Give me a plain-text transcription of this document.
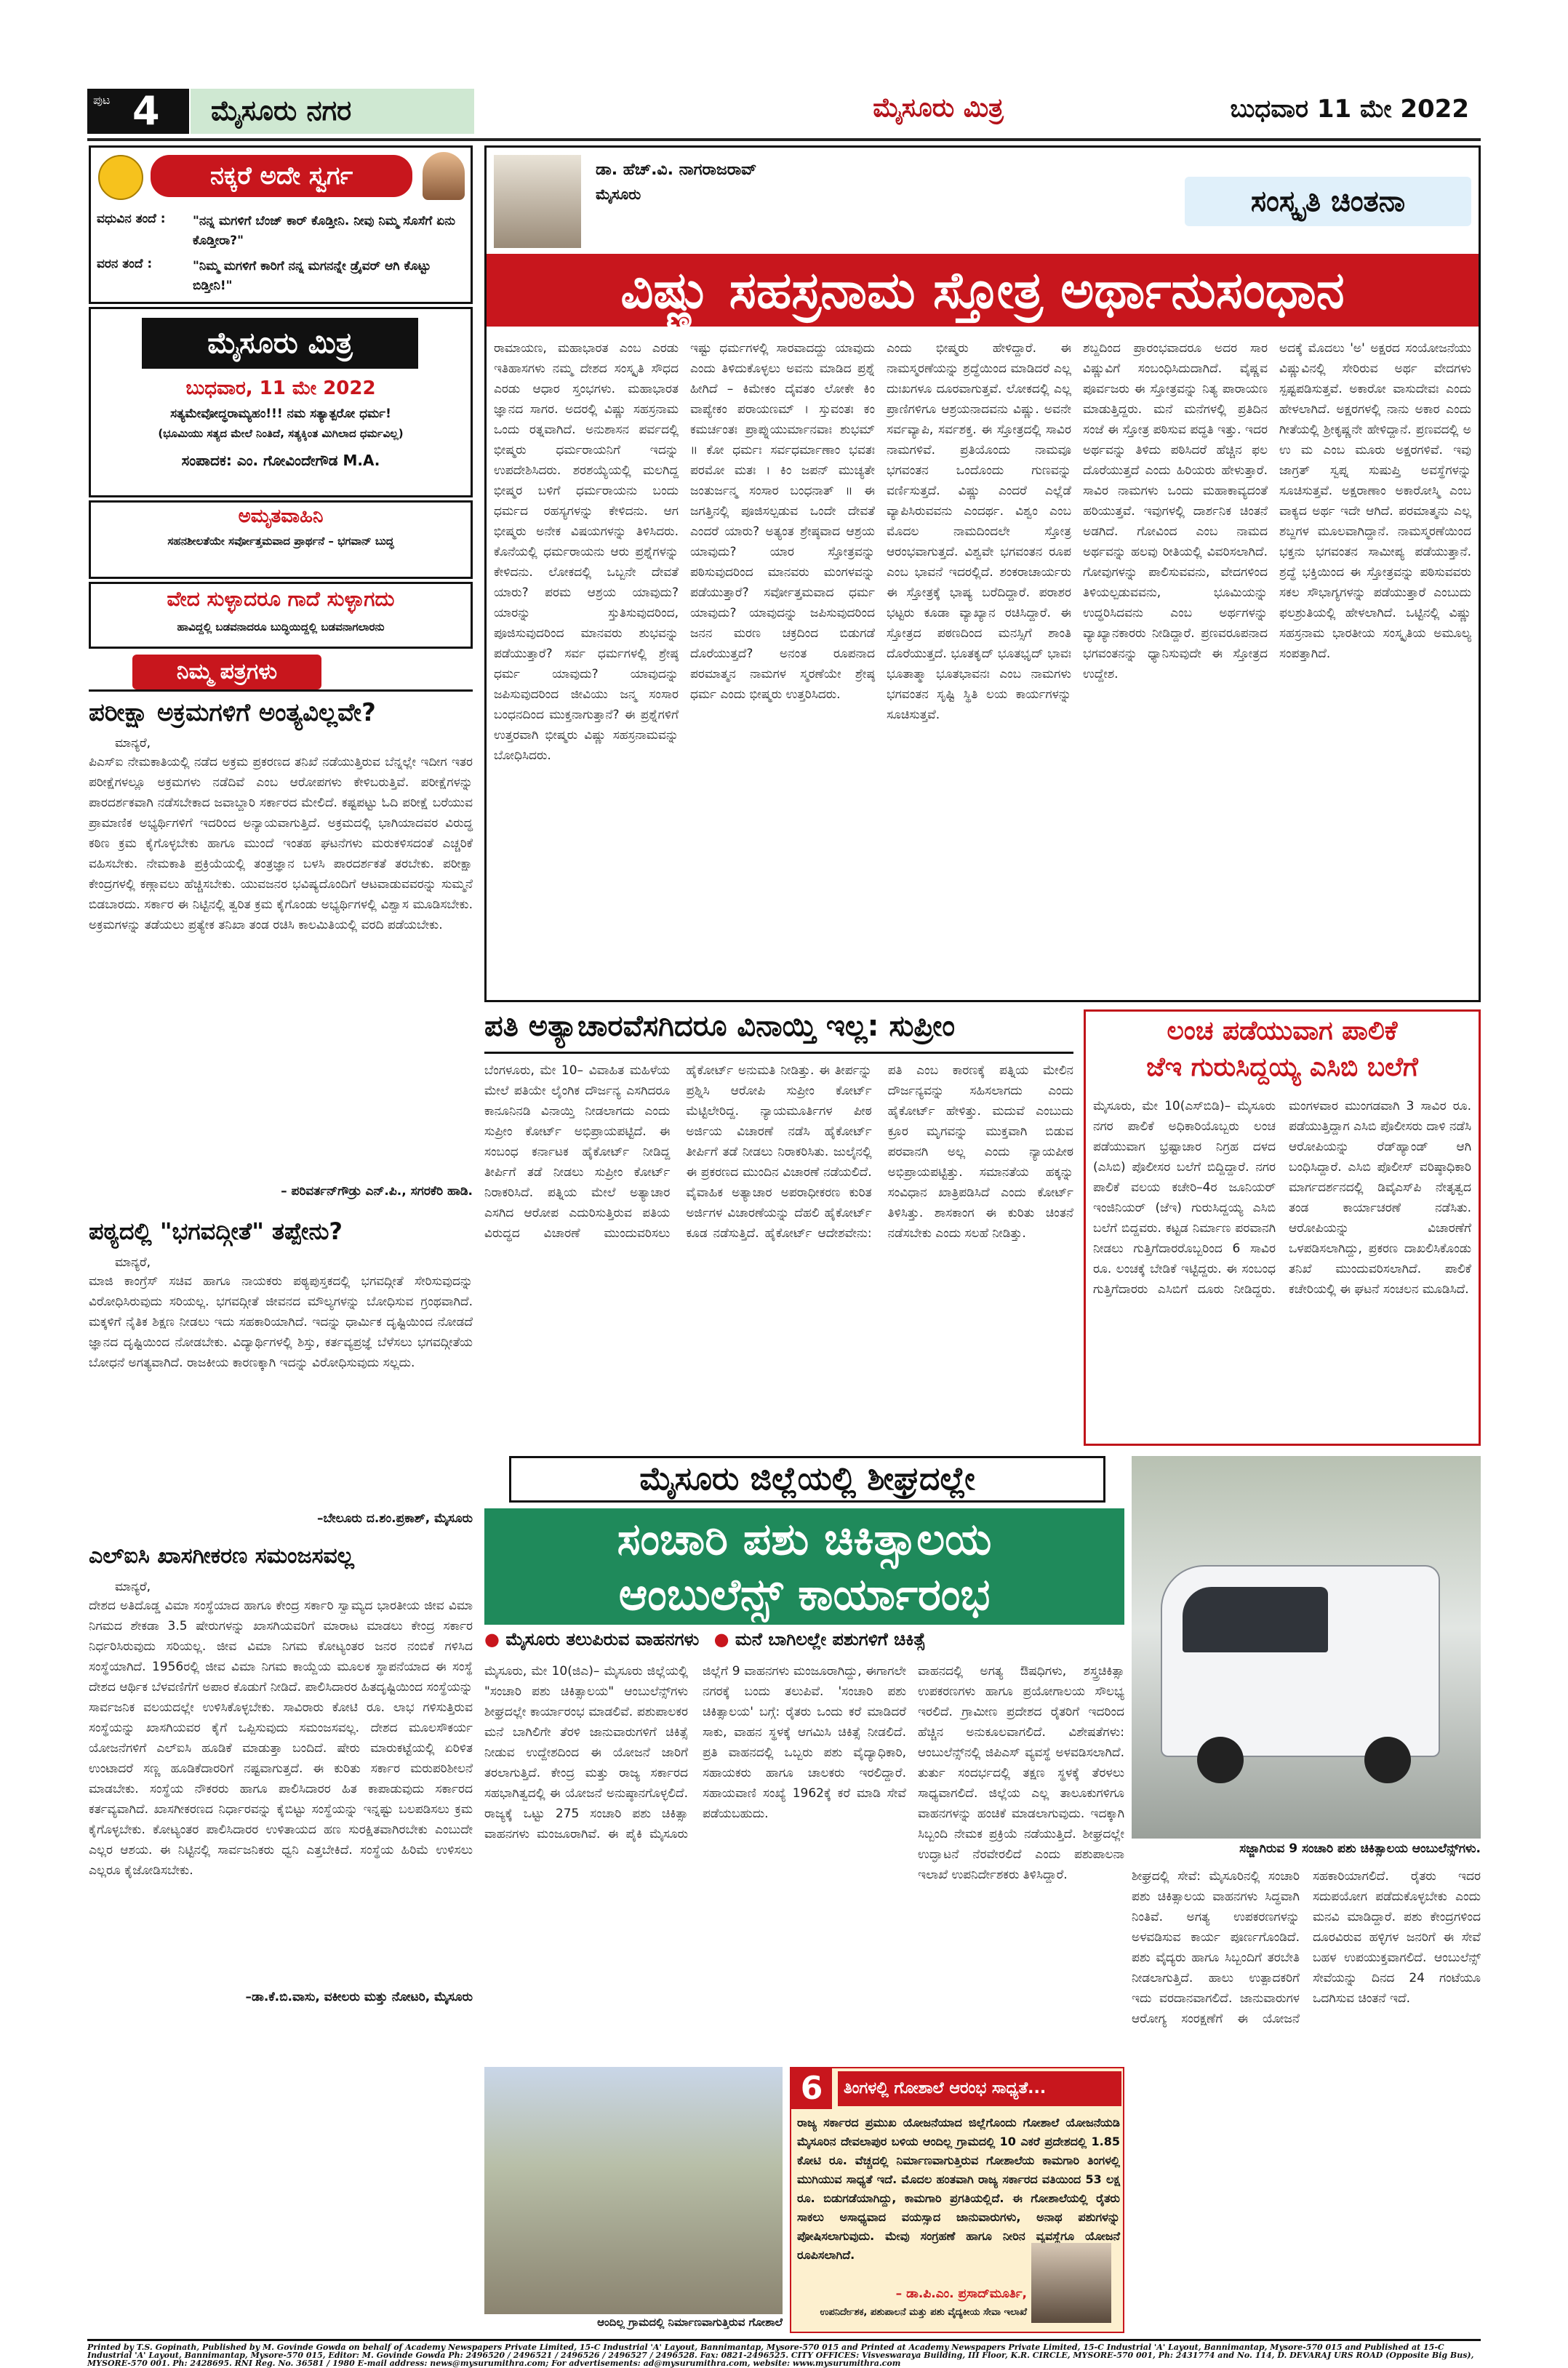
ಪುಟ 4 ಮೈಸೂರು ನಗರ	ಮೈಸೂರು ಮಿತ್ರ	ಬುಧವಾರ 11 ಮೇ 2022
ನಕ್ಕರೆ ಅದೇ ಸ್ವರ್ಗ
ವಧುವಿನ ತಂದೆ :	"ನನ್ನ ಮಗಳಿಗೆ ಬೆಂಜ್ ಕಾರ್ ಕೊಡ್ತೀನಿ. ನೀವು ನಿಮ್ಮ ಸೊಸೆಗೆ ಏನು ಕೊಡ್ತೀರಾ?"
ವರನ ತಂದೆ :	"ನಿಮ್ಮ ಮಗಳಿಗೆ ಕಾರಿಗೆ ನನ್ನ ಮಗನನ್ನೇ ಡ್ರೈವರ್ ಆಗಿ ಕೊಟ್ಟು ಬಿಡ್ತೀನಿ!"
ಮೈಸೂರು ಮಿತ್ರ
ಬುಧವಾರ, 11 ಮೇ 2022
ಸತ್ಯಮೇವೋದ್ಧರಾಮ್ಯಹಂ!!! ನಮ ಸತ್ಯಾತ್ಪರೋ ಧರ್ಮ!
(ಭೂಮಿಯು ಸತ್ಯದ ಮೇಲೆ ನಿಂತಿದೆ, ಸತ್ಯಕ್ಕಿಂತ ಮಿಗಿಲಾದ ಧರ್ಮವಿಲ್ಲ)
ಸಂಪಾದಕ: ಎಂ. ಗೋವಿಂದೇಗೌಡ M.A.
ಅಮೃತವಾಹಿನಿ
ಸಹನಶೀಲತೆಯೇ ಸರ್ವೋತ್ತಮವಾದ ಪ್ರಾರ್ಥನೆ – ಭಗವಾನ್ ಬುದ್ಧ
ವೇದ ಸುಳ್ಳಾದರೂ ಗಾದೆ ಸುಳ್ಳಾಗದು
ಹಾವಿದ್ದಲ್ಲಿ ಬಡವನಾದರೂ ಬುದ್ಧಿಯಿದ್ದಲ್ಲಿ ಬಡವನಾಗಲಾರನು
ನಿಮ್ಮ ಪತ್ರಗಳು
ಪರೀಕ್ಷಾ ಅಕ್ರಮಗಳಿಗೆ ಅಂತ್ಯವಿಲ್ಲವೇ?
ಮಾನ್ಯರೆ,
ಪಿಎಸ್‌ಐ ನೇಮಕಾತಿಯಲ್ಲಿ ನಡೆದ ಅಕ್ರಮ ಪ್ರಕರಣದ ತನಿಖೆ ನಡೆಯುತ್ತಿರುವ ಬೆನ್ನಲ್ಲೇ ಇದೀಗ ಇತರ ಪರೀಕ್ಷೆಗಳಲ್ಲೂ ಅಕ್ರಮಗಳು ನಡೆದಿವೆ ಎಂಬ ಆರೋಪಗಳು ಕೇಳಿಬರುತ್ತಿವೆ. ಪರೀಕ್ಷೆಗಳನ್ನು ಪಾರದರ್ಶಕವಾಗಿ ನಡೆಸಬೇಕಾದ ಜವಾಬ್ದಾರಿ ಸರ್ಕಾರದ ಮೇಲಿದೆ. ಕಷ್ಟಪಟ್ಟು ಓದಿ ಪರೀಕ್ಷೆ ಬರೆಯುವ ಪ್ರಾಮಾಣಿಕ ಅಭ್ಯರ್ಥಿಗಳಿಗೆ ಇದರಿಂದ ಅನ್ಯಾಯವಾಗುತ್ತಿದೆ. ಅಕ್ರಮದಲ್ಲಿ ಭಾಗಿಯಾದವರ ವಿರುದ್ಧ ಕಠಿಣ ಕ್ರಮ ಕೈಗೊಳ್ಳಬೇಕು ಹಾಗೂ ಮುಂದೆ ಇಂತಹ ಘಟನೆಗಳು ಮರುಕಳಿಸದಂತೆ ಎಚ್ಚರಿಕೆ ವಹಿಸಬೇಕು. ನೇಮಕಾತಿ ಪ್ರಕ್ರಿಯೆಯಲ್ಲಿ ತಂತ್ರಜ್ಞಾನ ಬಳಸಿ ಪಾರದರ್ಶಕತೆ ತರಬೇಕು. ಪರೀಕ್ಷಾ ಕೇಂದ್ರಗಳಲ್ಲಿ ಕಣ್ಗಾವಲು ಹೆಚ್ಚಿಸಬೇಕು. ಯುವಜನರ ಭವಿಷ್ಯದೊಂದಿಗೆ ಆಟವಾಡುವವರನ್ನು ಸುಮ್ಮನೆ ಬಿಡಬಾರದು. ಸರ್ಕಾರ ಈ ನಿಟ್ಟಿನಲ್ಲಿ ತ್ವರಿತ ಕ್ರಮ ಕೈಗೊಂಡು ಅಭ್ಯರ್ಥಿಗಳಲ್ಲಿ ವಿಶ್ವಾಸ ಮೂಡಿಸಬೇಕು. ಅಕ್ರಮಗಳನ್ನು ತಡೆಯಲು ಪ್ರತ್ಯೇಕ ತನಿಖಾ ತಂಡ ರಚಿಸಿ ಕಾಲಮಿತಿಯಲ್ಲಿ ವರದಿ ಪಡೆಯಬೇಕು.
– ಪರಿವರ್ತನ್‌ಗೌಡ್ರು ಎನ್.ಪಿ., ಸಗರಕೆರಿ ಹಾಡಿ.
ಪಠ್ಯದಲ್ಲಿ "ಭಗವದ್ಗೀತೆ" ತಪ್ಪೇನು?
ಮಾನ್ಯರೆ,
ಮಾಜಿ ಕಾಂಗ್ರೆಸ್ ಸಚಿವ ಹಾಗೂ ನಾಯಕರು ಪಠ್ಯಪುಸ್ತಕದಲ್ಲಿ ಭಗವದ್ಗೀತೆ ಸೇರಿಸುವುದನ್ನು ವಿರೋಧಿಸಿರುವುದು ಸರಿಯಲ್ಲ. ಭಗವದ್ಗೀತೆ ಜೀವನದ ಮೌಲ್ಯಗಳನ್ನು ಬೋಧಿಸುವ ಗ್ರಂಥವಾಗಿದೆ. ಮಕ್ಕಳಿಗೆ ನೈತಿಕ ಶಿಕ್ಷಣ ನೀಡಲು ಇದು ಸಹಕಾರಿಯಾಗಿದೆ. ಇದನ್ನು ಧಾರ್ಮಿಕ ದೃಷ್ಟಿಯಿಂದ ನೋಡದೆ ಜ್ಞಾನದ ದೃಷ್ಟಿಯಿಂದ ನೋಡಬೇಕು. ವಿದ್ಯಾರ್ಥಿಗಳಲ್ಲಿ ಶಿಸ್ತು, ಕರ್ತವ್ಯಪ್ರಜ್ಞೆ ಬೆಳೆಸಲು ಭಗವದ್ಗೀತೆಯ ಬೋಧನೆ ಅಗತ್ಯವಾಗಿದೆ. ರಾಜಕೀಯ ಕಾರಣಕ್ಕಾಗಿ ಇದನ್ನು ವಿರೋಧಿಸುವುದು ಸಲ್ಲದು.
–ಬೇಲೂರು ದ.ಶಂ.ಪ್ರಕಾಶ್, ಮೈಸೂರು
ಎಲ್‌ಐಸಿ ಖಾಸಗೀಕರಣ ಸಮಂಜಸವಲ್ಲ
ಮಾನ್ಯರೆ,
ದೇಶದ ಅತಿದೊಡ್ಡ ವಿಮಾ ಸಂಸ್ಥೆಯಾದ ಹಾಗೂ ಕೇಂದ್ರ ಸರ್ಕಾರಿ ಸ್ವಾಮ್ಯದ ಭಾರತೀಯ ಜೀವ ವಿಮಾ ನಿಗಮದ ಶೇಕಡಾ 3.5 ಷೇರುಗಳನ್ನು ಖಾಸಗಿಯವರಿಗೆ ಮಾರಾಟ ಮಾಡಲು ಕೇಂದ್ರ ಸರ್ಕಾರ ನಿರ್ಧರಿಸಿರುವುದು ಸರಿಯಲ್ಲ. ಜೀವ ವಿಮಾ ನಿಗಮ ಕೋಟ್ಯಂತರ ಜನರ ನಂಬಿಕೆ ಗಳಿಸಿದ ಸಂಸ್ಥೆಯಾಗಿದೆ. 1956ರಲ್ಲಿ ಜೀವ ವಿಮಾ ನಿಗಮ ಕಾಯ್ದೆಯ ಮೂಲಕ ಸ್ಥಾಪನೆಯಾದ ಈ ಸಂಸ್ಥೆ ದೇಶದ ಆರ್ಥಿಕ ಬೆಳವಣಿಗೆಗೆ ಅಪಾರ ಕೊಡುಗೆ ನೀಡಿದೆ. ಪಾಲಿಸಿದಾರರ ಹಿತದೃಷ್ಟಿಯಿಂದ ಸಂಸ್ಥೆಯನ್ನು ಸಾರ್ವಜನಿಕ ವಲಯದಲ್ಲೇ ಉಳಿಸಿಕೊಳ್ಳಬೇಕು. ಸಾವಿರಾರು ಕೋಟಿ ರೂ. ಲಾಭ ಗಳಿಸುತ್ತಿರುವ ಸಂಸ್ಥೆಯನ್ನು ಖಾಸಗಿಯವರ ಕೈಗೆ ಒಪ್ಪಿಸುವುದು ಸಮಂಜಸವಲ್ಲ. ದೇಶದ ಮೂಲಸೌಕರ್ಯ ಯೋಜನೆಗಳಿಗೆ ಎಲ್‌ಐಸಿ ಹೂಡಿಕೆ ಮಾಡುತ್ತಾ ಬಂದಿದೆ. ಷೇರು ಮಾರುಕಟ್ಟೆಯಲ್ಲಿ ಏರಿಳಿತ ಉಂಟಾದರೆ ಸಣ್ಣ ಹೂಡಿಕೆದಾರರಿಗೆ ನಷ್ಟವಾಗುತ್ತದೆ. ಈ ಕುರಿತು ಸರ್ಕಾರ ಮರುಪರಿಶೀಲನೆ ಮಾಡಬೇಕು. ಸಂಸ್ಥೆಯ ನೌಕರರು ಹಾಗೂ ಪಾಲಿಸಿದಾರರ ಹಿತ ಕಾಪಾಡುವುದು ಸರ್ಕಾರದ ಕರ್ತವ್ಯವಾಗಿದೆ. ಖಾಸಗೀಕರಣದ ನಿರ್ಧಾರವನ್ನು ಕೈಬಿಟ್ಟು ಸಂಸ್ಥೆಯನ್ನು ಇನ್ನಷ್ಟು ಬಲಪಡಿಸಲು ಕ್ರಮ ಕೈಗೊಳ್ಳಬೇಕು. ಕೋಟ್ಯಂತರ ಪಾಲಿಸಿದಾರರ ಉಳಿತಾಯದ ಹಣ ಸುರಕ್ಷಿತವಾಗಿರಬೇಕು ಎಂಬುದೇ ಎಲ್ಲರ ಆಶಯ. ಈ ನಿಟ್ಟಿನಲ್ಲಿ ಸಾರ್ವಜನಿಕರು ಧ್ವನಿ ಎತ್ತಬೇಕಿದೆ. ಸಂಸ್ಥೆಯ ಹಿರಿಮೆ ಉಳಿಸಲು ಎಲ್ಲರೂ ಕೈಜೋಡಿಸಬೇಕು.
–ಡಾ.ಕೆ.ಬಿ.ವಾಸು, ವಕೀಲರು ಮತ್ತು ನೋಟರಿ, ಮೈಸೂರು
ಡಾ. ಹೆಚ್.ವಿ. ನಾಗರಾಜರಾವ್
ಮೈಸೂರು	ಸಂಸ್ಕೃತಿ ಚಿಂತನಾ
ವಿಷ್ಣು ಸಹಸ್ರನಾಮ ಸ್ತೋತ್ರ ಅರ್ಥಾನುಸಂಧಾನ
ರಾಮಾಯಣ, ಮಹಾಭಾರತ ಎಂಬ ಎರಡು ಇತಿಹಾಸಗಳು ನಮ್ಮ ದೇಶದ ಸಂಸ್ಕೃತಿ ಸೌಧದ ಎರಡು ಆಧಾರ ಸ್ತಂಭಗಳು. ಮಹಾಭಾರತ ಜ್ಞಾನದ ಸಾಗರ. ಅದರಲ್ಲಿ ವಿಷ್ಣು ಸಹಸ್ರನಾಮ ಒಂದು ರತ್ನವಾಗಿದೆ. ಅನುಶಾಸನ ಪರ್ವದಲ್ಲಿ ಭೀಷ್ಮರು ಧರ್ಮರಾಯನಿಗೆ ಇದನ್ನು ಉಪದೇಶಿಸಿದರು. ಶರಶಯ್ಯೆಯಲ್ಲಿ ಮಲಗಿದ್ದ ಭೀಷ್ಮರ ಬಳಿಗೆ ಧರ್ಮರಾಯನು ಬಂದು ಧರ್ಮದ ರಹಸ್ಯಗಳನ್ನು ಕೇಳಿದನು. ಆಗ ಭೀಷ್ಮರು ಅನೇಕ ವಿಷಯಗಳನ್ನು ತಿಳಿಸಿದರು. ಕೊನೆಯಲ್ಲಿ ಧರ್ಮರಾಯನು ಆರು ಪ್ರಶ್ನೆಗಳನ್ನು ಕೇಳಿದನು. ಲೋಕದಲ್ಲಿ ಒಬ್ಬನೇ ದೇವತೆ ಯಾರು? ಪರಮ ಆಶ್ರಯ ಯಾವುದು? ಯಾರನ್ನು ಸ್ತುತಿಸುವುದರಿಂದ, ಪೂಜಿಸುವುದರಿಂದ ಮಾನವರು ಶುಭವನ್ನು ಪಡೆಯುತ್ತಾರೆ? ಸರ್ವ ಧರ್ಮಗಳಲ್ಲಿ ಶ್ರೇಷ್ಠ ಧರ್ಮ ಯಾವುದು? ಯಾವುದನ್ನು ಜಪಿಸುವುದರಿಂದ ಜೀವಿಯು ಜನ್ಮ ಸಂಸಾರ ಬಂಧನದಿಂದ ಮುಕ್ತನಾಗುತ್ತಾನೆ? ಈ ಪ್ರಶ್ನೆಗಳಿಗೆ ಉತ್ತರವಾಗಿ ಭೀಷ್ಮರು ವಿಷ್ಣು ಸಹಸ್ರನಾಮವನ್ನು ಬೋಧಿಸಿದರು.
ಇಷ್ಟು ಧರ್ಮಗಳಲ್ಲಿ ಸಾರವಾದದ್ದು ಯಾವುದು ಎಂದು ತಿಳಿದುಕೊಳ್ಳಲು ಅವನು ಮಾಡಿದ ಪ್ರಶ್ನೆ ಹೀಗಿದೆ – ಕಿಮೇಕಂ ದೈವತಂ ಲೋಕೇ ಕಿಂ ವಾಪ್ಯೇಕಂ ಪರಾಯಣಮ್ । ಸ್ತುವಂತಃ ಕಂ ಕಮರ್ಚಂತಃ ಪ್ರಾಪ್ನುಯುರ್ಮಾನವಾಃ ಶುಭಮ್ ॥ ಕೋ ಧರ್ಮಃ ಸರ್ವಧರ್ಮಾಣಾಂ ಭವತಃ ಪರಮೋ ಮತಃ । ಕಿಂ ಜಪನ್ ಮುಚ್ಯತೇ ಜಂತುರ್ಜನ್ಮ ಸಂಸಾರ ಬಂಧನಾತ್ ॥ ಈ ಜಗತ್ತಿನಲ್ಲಿ ಪೂಜಿಸಲ್ಪಡುವ ಒಂದೇ ದೇವತೆ ಎಂದರೆ ಯಾರು? ಅತ್ಯಂತ ಶ್ರೇಷ್ಠವಾದ ಆಶ್ರಯ ಯಾವುದು? ಯಾರ ಸ್ತೋತ್ರವನ್ನು ಪಠಿಸುವುದರಿಂದ ಮಾನವರು ಮಂಗಳವನ್ನು ಪಡೆಯುತ್ತಾರೆ? ಸರ್ವೋತ್ತಮವಾದ ಧರ್ಮ ಯಾವುದು? ಯಾವುದನ್ನು ಜಪಿಸುವುದರಿಂದ ಜನನ ಮರಣ ಚಕ್ರದಿಂದ ಬಿಡುಗಡೆ ದೊರೆಯುತ್ತದೆ? ಅನಂತ ರೂಪನಾದ ಪರಮಾತ್ಮನ ನಾಮಗಳ ಸ್ಮರಣೆಯೇ ಶ್ರೇಷ್ಠ ಧರ್ಮ ಎಂದು ಭೀಷ್ಮರು ಉತ್ತರಿಸಿದರು.
ಎಂದು ಭೀಷ್ಮರು ಹೇಳಿದ್ದಾರೆ. ಈ ನಾಮಸ್ಮರಣೆಯನ್ನು ಶ್ರದ್ಧೆಯಿಂದ ಮಾಡಿದರೆ ಎಲ್ಲ ದುಃಖಗಳೂ ದೂರವಾಗುತ್ತವೆ. ಲೋಕದಲ್ಲಿ ಎಲ್ಲ ಪ್ರಾಣಿಗಳಿಗೂ ಆಶ್ರಯನಾದವನು ವಿಷ್ಣು. ಅವನೇ ಸರ್ವವ್ಯಾಪಿ, ಸರ್ವಶಕ್ತ. ಈ ಸ್ತೋತ್ರದಲ್ಲಿ ಸಾವಿರ ನಾಮಗಳಿವೆ. ಪ್ರತಿಯೊಂದು ನಾಮವೂ ಭಗವಂತನ ಒಂದೊಂದು ಗುಣವನ್ನು ವರ್ಣಿಸುತ್ತದೆ. ವಿಷ್ಣು ಎಂದರೆ ಎಲ್ಲೆಡೆ ವ್ಯಾಪಿಸಿರುವವನು ಎಂದರ್ಥ. ವಿಶ್ವಂ ಎಂಬ ಮೊದಲ ನಾಮದಿಂದಲೇ ಸ್ತೋತ್ರ ಆರಂಭವಾಗುತ್ತದೆ. ವಿಶ್ವವೇ ಭಗವಂತನ ರೂಪ ಎಂಬ ಭಾವನೆ ಇದರಲ್ಲಿದೆ. ಶಂಕರಾಚಾರ್ಯರು ಈ ಸ್ತೋತ್ರಕ್ಕೆ ಭಾಷ್ಯ ಬರೆದಿದ್ದಾರೆ. ಪರಾಶರ ಭಟ್ಟರು ಕೂಡಾ ವ್ಯಾಖ್ಯಾನ ರಚಿಸಿದ್ದಾರೆ. ಈ ಸ್ತೋತ್ರದ ಪಠಣದಿಂದ ಮನಸ್ಸಿಗೆ ಶಾಂತಿ ದೊರೆಯುತ್ತದೆ. ಭೂತಕೃದ್ ಭೂತಭೃದ್ ಭಾವಃ ಭೂತಾತ್ಮಾ ಭೂತಭಾವನಃ ಎಂಬ ನಾಮಗಳು ಭಗವಂತನ ಸೃಷ್ಟಿ ಸ್ಥಿತಿ ಲಯ ಕಾರ್ಯಗಳನ್ನು ಸೂಚಿಸುತ್ತವೆ.
ಶಬ್ದದಿಂದ ಪ್ರಾರಂಭವಾದರೂ ಅದರ ಸಾರ ವಿಷ್ಣುವಿಗೆ ಸಂಬಂಧಿಸಿದುದಾಗಿದೆ. ವೈಷ್ಣವ ಪೂರ್ವಜರು ಈ ಸ್ತೋತ್ರವನ್ನು ನಿತ್ಯ ಪಾರಾಯಣ ಮಾಡುತ್ತಿದ್ದರು. ಮನೆ ಮನೆಗಳಲ್ಲಿ ಪ್ರತಿದಿನ ಸಂಜೆ ಈ ಸ್ತೋತ್ರ ಪಠಿಸುವ ಪದ್ಧತಿ ಇತ್ತು. ಇದರ ಅರ್ಥವನ್ನು ತಿಳಿದು ಪಠಿಸಿದರೆ ಹೆಚ್ಚಿನ ಫಲ ದೊರೆಯುತ್ತದೆ ಎಂದು ಹಿರಿಯರು ಹೇಳುತ್ತಾರೆ. ಸಾವಿರ ನಾಮಗಳು ಒಂದು ಮಹಾಕಾವ್ಯದಂತೆ ಹರಿಯುತ್ತವೆ. ಇವುಗಳಲ್ಲಿ ದಾರ್ಶನಿಕ ಚಿಂತನೆ ಅಡಗಿದೆ. ಗೋವಿಂದ ಎಂಬ ನಾಮದ ಅರ್ಥವನ್ನು ಹಲವು ರೀತಿಯಲ್ಲಿ ವಿವರಿಸಲಾಗಿದೆ. ಗೋವುಗಳನ್ನು ಪಾಲಿಸುವವನು, ವೇದಗಳಿಂದ ತಿಳಿಯಲ್ಪಡುವವನು, ಭೂಮಿಯನ್ನು ಉದ್ಧರಿಸಿದವನು ಎಂಬ ಅರ್ಥಗಳನ್ನು ವ್ಯಾಖ್ಯಾನಕಾರರು ನೀಡಿದ್ದಾರೆ. ಪ್ರಣವರೂಪನಾದ ಭಗವಂತನನ್ನು ಧ್ಯಾನಿಸುವುದೇ ಈ ಸ್ತೋತ್ರದ ಉದ್ದೇಶ.
ಅದಕ್ಕೆ ಮೊದಲು 'ಅ' ಅಕ್ಷರದ ಸಂಯೋಜನೆಯು ವಿಷ್ಣುವಿನಲ್ಲಿ ಸೇರಿರುವ ಅರ್ಥ ವೇದಗಳು ಸ್ಪಷ್ಟಪಡಿಸುತ್ತವೆ. ಅಕಾರೋ ವಾಸುದೇವಃ ಎಂದು ಹೇಳಲಾಗಿದೆ. ಅಕ್ಷರಗಳಲ್ಲಿ ನಾನು ಅಕಾರ ಎಂದು ಗೀತೆಯಲ್ಲಿ ಶ್ರೀಕೃಷ್ಣನೇ ಹೇಳಿದ್ದಾನೆ. ಪ್ರಣವದಲ್ಲಿ ಅ ಉ ಮ ಎಂಬ ಮೂರು ಅಕ್ಷರಗಳಿವೆ. ಇವು ಜಾಗ್ರತ್ ಸ್ವಪ್ನ ಸುಷುಪ್ತಿ ಅವಸ್ಥೆಗಳನ್ನು ಸೂಚಿಸುತ್ತವೆ. ಅಕ್ಷರಾಣಾಂ ಅಕಾರೋಸ್ಮಿ ಎಂಬ ವಾಕ್ಯದ ಅರ್ಥ ಇದೇ ಆಗಿದೆ. ಪರಮಾತ್ಮನು ಎಲ್ಲ ಶಬ್ದಗಳ ಮೂಲವಾಗಿದ್ದಾನೆ. ನಾಮಸ್ಮರಣೆಯಿಂದ ಭಕ್ತನು ಭಗವಂತನ ಸಾಮೀಪ್ಯ ಪಡೆಯುತ್ತಾನೆ. ಶ್ರದ್ಧೆ ಭಕ್ತಿಯಿಂದ ಈ ಸ್ತೋತ್ರವನ್ನು ಪಠಿಸುವವರು ಸಕಲ ಸೌಭಾಗ್ಯಗಳನ್ನು ಪಡೆಯುತ್ತಾರೆ ಎಂಬುದು ಫಲಶ್ರುತಿಯಲ್ಲಿ ಹೇಳಲಾಗಿದೆ. ಒಟ್ಟಿನಲ್ಲಿ ವಿಷ್ಣು ಸಹಸ್ರನಾಮ ಭಾರತೀಯ ಸಂಸ್ಕೃತಿಯ ಅಮೂಲ್ಯ ಸಂಪತ್ತಾಗಿದೆ.
ಪತಿ ಅತ್ಯಾಚಾರವೆಸಗಿದರೂ ವಿನಾಯ್ತಿ ಇಲ್ಲ: ಸುಪ್ರೀಂ
ಬೆಂಗಳೂರು, ಮೇ 10– ವಿವಾಹಿತ ಮಹಿಳೆಯ ಮೇಲೆ ಪತಿಯೇ ಲೈಂಗಿಕ ದೌರ್ಜನ್ಯ ಎಸಗಿದರೂ ಕಾನೂನಿನಡಿ ವಿನಾಯ್ತಿ ನೀಡಲಾಗದು ಎಂದು ಸುಪ್ರೀಂ ಕೋರ್ಟ್ ಅಭಿಪ್ರಾಯಪಟ್ಟಿದೆ. ಈ ಸಂಬಂಧ ಕರ್ನಾಟಕ ಹೈಕೋರ್ಟ್ ನೀಡಿದ್ದ ತೀರ್ಪಿಗೆ ತಡೆ ನೀಡಲು ಸುಪ್ರೀಂ ಕೋರ್ಟ್ ನಿರಾಕರಿಸಿದೆ. ಪತ್ನಿಯ ಮೇಲೆ ಅತ್ಯಾಚಾರ ಎಸಗಿದ ಆರೋಪ ಎದುರಿಸುತ್ತಿರುವ ಪತಿಯ ವಿರುದ್ಧದ ವಿಚಾರಣೆ ಮುಂದುವರಿಸಲು ಹೈಕೋರ್ಟ್ ಅನುಮತಿ ನೀಡಿತ್ತು. ಈ ತೀರ್ಪನ್ನು ಪ್ರಶ್ನಿಸಿ ಆರೋಪಿ ಸುಪ್ರೀಂ ಕೋರ್ಟ್ ಮೆಟ್ಟಿಲೇರಿದ್ದ. ನ್ಯಾಯಮೂರ್ತಿಗಳ ಪೀಠ ಅರ್ಜಿಯ ವಿಚಾರಣೆ ನಡೆಸಿ ಹೈಕೋರ್ಟ್ ತೀರ್ಪಿಗೆ ತಡೆ ನೀಡಲು ನಿರಾಕರಿಸಿತು. ಜುಲೈನಲ್ಲಿ ಈ ಪ್ರಕರಣದ ಮುಂದಿನ ವಿಚಾರಣೆ ನಡೆಯಲಿದೆ. ವೈವಾಹಿಕ ಅತ್ಯಾಚಾರ ಅಪರಾಧೀಕರಣ ಕುರಿತ ಅರ್ಜಿಗಳ ವಿಚಾರಣೆಯನ್ನು ದೆಹಲಿ ಹೈಕೋರ್ಟ್ ಕೂಡ ನಡೆಸುತ್ತಿದೆ. ಹೈಕೋರ್ಟ್ ಆದೇಶವೇನು: ಪತಿ ಎಂಬ ಕಾರಣಕ್ಕೆ ಪತ್ನಿಯ ಮೇಲಿನ ದೌರ್ಜನ್ಯವನ್ನು ಸಹಿಸಲಾಗದು ಎಂದು ಹೈಕೋರ್ಟ್ ಹೇಳಿತ್ತು. ಮದುವೆ ಎಂಬುದು ಕ್ರೂರ ಮೃಗವನ್ನು ಮುಕ್ತವಾಗಿ ಬಿಡುವ ಪರವಾನಗಿ ಅಲ್ಲ ಎಂದು ನ್ಯಾಯಪೀಠ ಅಭಿಪ್ರಾಯಪಟ್ಟಿತ್ತು. ಸಮಾನತೆಯ ಹಕ್ಕನ್ನು ಸಂವಿಧಾನ ಖಾತ್ರಿಪಡಿಸಿದೆ ಎಂದು ಕೋರ್ಟ್ ತಿಳಿಸಿತ್ತು. ಶಾಸಕಾಂಗ ಈ ಕುರಿತು ಚಿಂತನೆ ನಡೆಸಬೇಕು ಎಂದು ಸಲಹೆ ನೀಡಿತ್ತು.
ಲಂಚ ಪಡೆಯುವಾಗ ಪಾಲಿಕೆ
ಜೆಇ ಗುರುಸಿದ್ದಯ್ಯ ಎಸಿಬಿ ಬಲೆಗೆ
ಮೈಸೂರು, ಮೇ 10(ಎಸ್‌ಬಿಡಿ)– ಮೈಸೂರು ನಗರ ಪಾಲಿಕೆ ಅಧಿಕಾರಿಯೊಬ್ಬರು ಲಂಚ ಪಡೆಯುವಾಗ ಭ್ರಷ್ಟಾಚಾರ ನಿಗ್ರಹ ದಳದ (ಎಸಿಬಿ) ಪೊಲೀಸರ ಬಲೆಗೆ ಬಿದ್ದಿದ್ದಾರೆ. ನಗರ ಪಾಲಿಕೆ ವಲಯ ಕಚೇರಿ–4ರ ಜೂನಿಯರ್ ಇಂಜಿನಿಯರ್ (ಜೆಇ) ಗುರುಸಿದ್ದಯ್ಯ ಎಸಿಬಿ ಬಲೆಗೆ ಬಿದ್ದವರು. ಕಟ್ಟಡ ನಿರ್ಮಾಣ ಪರವಾನಗಿ ನೀಡಲು ಗುತ್ತಿಗೆದಾರರೊಬ್ಬರಿಂದ 6 ಸಾವಿರ ರೂ. ಲಂಚಕ್ಕೆ ಬೇಡಿಕೆ ಇಟ್ಟಿದ್ದರು. ಈ ಸಂಬಂಧ ಗುತ್ತಿಗೆದಾರರು ಎಸಿಬಿಗೆ ದೂರು ನೀಡಿದ್ದರು. ಮಂಗಳವಾರ ಮುಂಗಡವಾಗಿ 3 ಸಾವಿರ ರೂ. ಪಡೆಯುತ್ತಿದ್ದಾಗ ಎಸಿಬಿ ಪೊಲೀಸರು ದಾಳಿ ನಡೆಸಿ ಆರೋಪಿಯನ್ನು ರೆಡ್‌ಹ್ಯಾಂಡ್ ಆಗಿ ಬಂಧಿಸಿದ್ದಾರೆ. ಎಸಿಬಿ ಪೊಲೀಸ್ ವರಿಷ್ಠಾಧಿಕಾರಿ ಮಾರ್ಗದರ್ಶನದಲ್ಲಿ ಡಿವೈಎಸ್‌ಪಿ ನೇತೃತ್ವದ ತಂಡ ಕಾರ್ಯಾಚರಣೆ ನಡೆಸಿತು. ಆರೋಪಿಯನ್ನು ವಿಚಾರಣೆಗೆ ಒಳಪಡಿಸಲಾಗಿದ್ದು, ಪ್ರಕರಣ ದಾಖಲಿಸಿಕೊಂಡು ತನಿಖೆ ಮುಂದುವರಿಸಲಾಗಿದೆ. ಪಾಲಿಕೆ ಕಚೇರಿಯಲ್ಲಿ ಈ ಘಟನೆ ಸಂಚಲನ ಮೂಡಿಸಿದೆ.
ಮೈಸೂರು ಜಿಲ್ಲೆಯಲ್ಲಿ ಶೀಘ್ರದಲ್ಲೇ
ಸಂಚಾರಿ ಪಶು ಚಿಕಿತ್ಸಾಲಯ
ಆಂಬುಲೆನ್ಸ್ ಕಾರ್ಯಾರಂಭ
● ಮೈಸೂರು ತಲುಪಿರುವ ವಾಹನಗಳು ● ಮನೆ ಬಾಗಿಲಲ್ಲೇ ಪಶುಗಳಿಗೆ ಚಿಕಿತ್ಸೆ
ಮೈಸೂರು, ಮೇ 10(ಜಿಎ)– ಮೈಸೂರು ಜಿಲ್ಲೆಯಲ್ಲಿ "ಸಂಚಾರಿ ಪಶು ಚಿಕಿತ್ಸಾಲಯ" ಆಂಬುಲೆನ್ಸ್‌ಗಳು ಶೀಘ್ರದಲ್ಲೇ ಕಾರ್ಯಾರಂಭ ಮಾಡಲಿವೆ. ಪಶುಪಾಲಕರ ಮನೆ ಬಾಗಿಲಿಗೇ ತೆರಳಿ ಜಾನುವಾರುಗಳಿಗೆ ಚಿಕಿತ್ಸೆ ನೀಡುವ ಉದ್ದೇಶದಿಂದ ಈ ಯೋಜನೆ ಜಾರಿಗೆ ತರಲಾಗುತ್ತಿದೆ. ಕೇಂದ್ರ ಮತ್ತು ರಾಜ್ಯ ಸರ್ಕಾರದ ಸಹಭಾಗಿತ್ವದಲ್ಲಿ ಈ ಯೋಜನೆ ಅನುಷ್ಠಾನಗೊಳ್ಳಲಿದೆ. ರಾಜ್ಯಕ್ಕೆ ಒಟ್ಟು 275 ಸಂಚಾರಿ ಪಶು ಚಿಕಿತ್ಸಾ ವಾಹನಗಳು ಮಂಜೂರಾಗಿವೆ. ಈ ಪೈಕಿ ಮೈಸೂರು ಜಿಲ್ಲೆಗೆ 9 ವಾಹನಗಳು ಮಂಜೂರಾಗಿದ್ದು, ಈಗಾಗಲೇ ನಗರಕ್ಕೆ ಬಂದು ತಲುಪಿವೆ. 'ಸಂಚಾರಿ ಪಶು ಚಿಕಿತ್ಸಾಲಯ' ಬಗ್ಗೆ: ರೈತರು ಒಂದು ಕರೆ ಮಾಡಿದರೆ ಸಾಕು, ವಾಹನ ಸ್ಥಳಕ್ಕೆ ಆಗಮಿಸಿ ಚಿಕಿತ್ಸೆ ನೀಡಲಿದೆ. ಪ್ರತಿ ವಾಹನದಲ್ಲಿ ಒಬ್ಬರು ಪಶು ವೈದ್ಯಾಧಿಕಾರಿ, ಸಹಾಯಕರು ಹಾಗೂ ಚಾಲಕರು ಇರಲಿದ್ದಾರೆ. ಸಹಾಯವಾಣಿ ಸಂಖ್ಯೆ 1962ಕ್ಕೆ ಕರೆ ಮಾಡಿ ಸೇವೆ ಪಡೆಯಬಹುದು.
ವಾಹನದಲ್ಲಿ ಅಗತ್ಯ ಔಷಧಿಗಳು, ಶಸ್ತ್ರಚಿಕಿತ್ಸಾ ಉಪಕರಣಗಳು ಹಾಗೂ ಪ್ರಯೋಗಾಲಯ ಸೌಲಭ್ಯ ಇರಲಿದೆ. ಗ್ರಾಮೀಣ ಪ್ರದೇಶದ ರೈತರಿಗೆ ಇದರಿಂದ ಹೆಚ್ಚಿನ ಅನುಕೂಲವಾಗಲಿದೆ. ವಿಶೇಷತೆಗಳು: ಆಂಬುಲೆನ್ಸ್‌ನಲ್ಲಿ ಜಿಪಿಎಸ್ ವ್ಯವಸ್ಥೆ ಅಳವಡಿಸಲಾಗಿದೆ. ತುರ್ತು ಸಂದರ್ಭದಲ್ಲಿ ತಕ್ಷಣ ಸ್ಥಳಕ್ಕೆ ತೆರಳಲು ಸಾಧ್ಯವಾಗಲಿದೆ. ಜಿಲ್ಲೆಯ ಎಲ್ಲ ತಾಲೂಕುಗಳಿಗೂ ವಾಹನಗಳನ್ನು ಹಂಚಿಕೆ ಮಾಡಲಾಗುವುದು. ಇದಕ್ಕಾಗಿ ಸಿಬ್ಬಂದಿ ನೇಮಕ ಪ್ರಕ್ರಿಯೆ ನಡೆಯುತ್ತಿದೆ. ಶೀಘ್ರದಲ್ಲೇ ಉದ್ಘಾಟನೆ ನೆರವೇರಲಿದೆ ಎಂದು ಪಶುಪಾಲನಾ ಇಲಾಖೆ ಉಪನಿರ್ದೇಶಕರು ತಿಳಿಸಿದ್ದಾರೆ.
ಸಜ್ಜಾಗಿರುವ 9 ಸಂಚಾರಿ ಪಶು ಚಿಕಿತ್ಸಾಲಯ ಆಂಬುಲೆನ್ಸ್‌ಗಳು.
ಶೀಘ್ರದಲ್ಲಿ ಸೇವೆ: ಮೈಸೂರಿನಲ್ಲಿ ಸಂಚಾರಿ ಪಶು ಚಿಕಿತ್ಸಾಲಯ ವಾಹನಗಳು ಸಿದ್ಧವಾಗಿ ನಿಂತಿವೆ. ಅಗತ್ಯ ಉಪಕರಣಗಳನ್ನು ಅಳವಡಿಸುವ ಕಾರ್ಯ ಪೂರ್ಣಗೊಂಡಿದೆ. ಪಶು ವೈದ್ಯರು ಹಾಗೂ ಸಿಬ್ಬಂದಿಗೆ ತರಬೇತಿ ನೀಡಲಾಗುತ್ತಿದೆ. ಹಾಲು ಉತ್ಪಾದಕರಿಗೆ ಇದು ವರದಾನವಾಗಲಿದೆ. ಜಾನುವಾರುಗಳ ಆರೋಗ್ಯ ಸಂರಕ್ಷಣೆಗೆ ಈ ಯೋಜನೆ ಸಹಕಾರಿಯಾಗಲಿದೆ. ರೈತರು ಇದರ ಸದುಪಯೋಗ ಪಡೆದುಕೊಳ್ಳಬೇಕು ಎಂದು ಮನವಿ ಮಾಡಿದ್ದಾರೆ. ಪಶು ಕೇಂದ್ರಗಳಿಂದ ದೂರವಿರುವ ಹಳ್ಳಿಗಳ ಜನರಿಗೆ ಈ ಸೇವೆ ಬಹಳ ಉಪಯುಕ್ತವಾಗಲಿದೆ. ಆಂಬುಲೆನ್ಸ್ ಸೇವೆಯನ್ನು ದಿನದ 24 ಗಂಟೆಯೂ ಒದಗಿಸುವ ಚಿಂತನೆ ಇದೆ.
ಆಂದಿಲ್ಲ ಗ್ರಾಮದಲ್ಲಿ ನಿರ್ಮಾಣವಾಗುತ್ತಿರುವ ಗೋಶಾಲೆ
6	ತಿಂಗಳಲ್ಲಿ ಗೋಶಾಲೆ ಆರಂಭ ಸಾಧ್ಯತೆ...
ರಾಜ್ಯ ಸರ್ಕಾರದ ಪ್ರಮುಖ ಯೋಜನೆಯಾದ ಜಿಲ್ಲೆಗೊಂದು ಗೋಶಾಲೆ ಯೋಜನೆಯಡಿ ಮೈಸೂರಿನ ದೇವಲಾಪುರ ಬಳಿಯ ಆಂದಿಲ್ಲ ಗ್ರಾಮದಲ್ಲಿ 10 ಎಕರೆ ಪ್ರದೇಶದಲ್ಲಿ 1.85 ಕೋಟಿ ರೂ. ವೆಚ್ಚದಲ್ಲಿ ನಿರ್ಮಾಣವಾಗುತ್ತಿರುವ ಗೋಶಾಲೆಯ ಕಾಮಗಾರಿ ತಿಂಗಳಲ್ಲಿ ಮುಗಿಯುವ ಸಾಧ್ಯತೆ ಇದೆ. ಮೊದಲ ಹಂತವಾಗಿ ರಾಜ್ಯ ಸರ್ಕಾರದ ವತಿಯಿಂದ 53 ಲಕ್ಷ ರೂ. ಬಿಡುಗಡೆಯಾಗಿದ್ದು, ಕಾಮಗಾರಿ ಪ್ರಗತಿಯಲ್ಲಿದೆ. ಈ ಗೋಶಾಲೆಯಲ್ಲಿ ರೈತರು ಸಾಕಲು ಅಸಾಧ್ಯವಾದ ವಯಸ್ಸಾದ ಜಾನುವಾರುಗಳು, ಅನಾಥ ಪಶುಗಳನ್ನು ಪೋಷಿಸಲಾಗುವುದು. ಮೇವು ಸಂಗ್ರಹಣೆ ಹಾಗೂ ನೀರಿನ ವ್ಯವಸ್ಥೆಗೂ ಯೋಜನೆ ರೂಪಿಸಲಾಗಿದೆ.
– ಡಾ.ಪಿ.ಎಂ. ಪ್ರಸಾದ್‌ಮೂರ್ತಿ,
ಉಪನಿರ್ದೇಶಕ, ಪಶುಪಾಲನೆ ಮತ್ತು ಪಶು ವೈದ್ಯಕೀಯ ಸೇವಾ ಇಲಾಖೆ
Printed by T.S. Gopinath, Published by M. Govinde Gowda on behalf of Academy Newspapers Private Limited, 15-C Industrial 'A' Layout, Bannimantap, Mysore-570 015 and Printed at Academy Newspapers Private Limited, 15-C Industrial 'A' Layout, Bannimantap, Mysore-570 015 and Published at 15-C Industrial 'A' Layout, Bannimantap, Mysore-570 015, Editor: M. Govinde Gowda Ph: 2496520 / 2496521 / 2496526 / 2496527 / 2496528. Fax: 0821-2496525. CITY OFFICES: Visveswaraya Building, III Floor, K.R. CIRCLE, MYSORE-570 001, Ph: 2431774 and No. 114, D. DEVARAJ URS ROAD (Opposite Big Bus), MYSORE-570 001. Ph: 2428695. RNI Reg. No. 36581 / 1980 E-mail address: news@mysurumithra.com; For advertisements: ad@mysurumithra.com, website: www.mysurumithra.com
